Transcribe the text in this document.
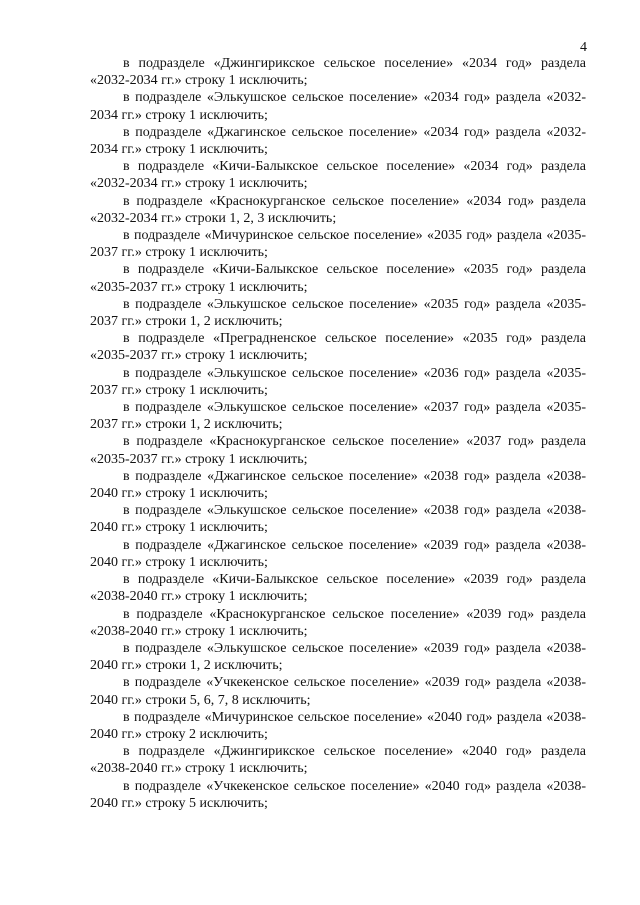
4

в подразделе «Джингирикское сельское поселение» «2034 год» раздела «2032-2034 гг.» строку 1 исключить;

в подразделе «Элькушское сельское поселение» «2034 год» раздела «2032-2034 гг.» строку 1 исключить;

в подразделе «Джагинское сельское поселение» «2034 год» раздела «2032-2034 гг.» строку 1 исключить;

в подразделе «Кичи-Балыкское сельское поселение» «2034 год» раздела «2032-2034 гг.» строку 1 исключить;

в подразделе «Краснокурганское сельское поселение» «2034 год» раздела «2032-2034 гг.» строки 1, 2, 3 исключить;

в подразделе «Мичуринское сельское поселение» «2035 год» раздела «2035-2037 гг.» строку 1 исключить;

в подразделе «Кичи-Балыкское сельское поселение» «2035 год» раздела «2035-2037 гг.» строку 1 исключить;

в подразделе «Элькушское сельское поселение» «2035 год» раздела «2035-2037 гг.» строки 1, 2 исключить;

в подразделе «Преградненское сельское поселение» «2035 год» раздела «2035-2037 гг.» строку 1 исключить;

в подразделе «Элькушское сельское поселение» «2036 год» раздела «2035-2037 гг.» строку 1 исключить;

в подразделе «Элькушское сельское поселение» «2037 год» раздела «2035-2037 гг.» строки 1, 2 исключить;

в подразделе «Краснокурганское сельское поселение» «2037 год» раздела «2035-2037 гг.» строку 1 исключить;

в подразделе «Джагинское сельское поселение» «2038 год» раздела «2038-2040 гг.» строку 1 исключить;

в подразделе «Элькушское сельское поселение» «2038 год» раздела «2038-2040 гг.» строку 1 исключить;

в подразделе «Джагинское сельское поселение» «2039 год» раздела «2038-2040 гг.» строку 1 исключить;

в подразделе «Кичи-Балыкское сельское поселение» «2039 год» раздела «2038-2040 гг.» строку 1 исключить;

в подразделе «Краснокурганское сельское поселение» «2039 год» раздела «2038-2040 гг.» строку 1 исключить;

в подразделе «Элькушское сельское поселение» «2039 год» раздела «2038-2040 гг.» строки 1, 2 исключить;

в подразделе «Учкекенское сельское поселение» «2039 год» раздела «2038-2040 гг.» строки 5, 6, 7, 8 исключить;

в подразделе «Мичуринское сельское поселение» «2040 год» раздела «2038-2040 гг.» строку 2 исключить;

в подразделе «Джингирикское сельское поселение» «2040 год» раздела «2038-2040 гг.» строку 1 исключить;

в подразделе «Учкекенское сельское поселение» «2040 год» раздела «2038-2040 гг.» строку 5 исключить;
